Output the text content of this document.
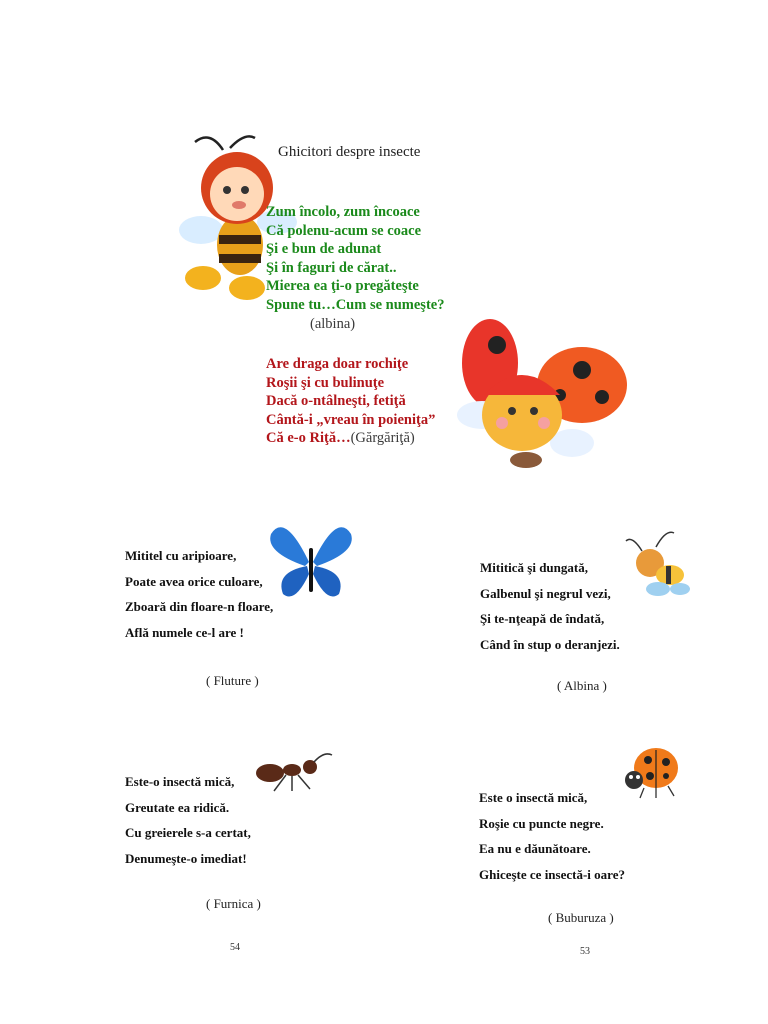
Ghicitori despre insecte
Zum încolo, zum încoace
Că polenu-acum se coace
Şi e bun de adunat
Şi în faguri de cărat..
Mierea ea ţi-o pregăteşte
Spune tu…Cum se numeşte?
(albina)
Are draga doar rochiţe
Roşii şi cu bulinuţe
Dacă o-ntâlneşti, fetiţă
Cântă-i „vreau în poieniţa”
Că e-o Riţă…(Gărgăriţă)
Mititel cu aripioare,
Poate avea orice culoare,
Zboară din floare-n floare,
Află numele ce-l are !
( Fluture )
Este-o insectă mică,
Greutate ea ridică.
Cu greierele s-a certat,
Denumeşte-o imediat!
( Furnica )
54
Mititică şi dungată,
Galbenul şi negrul vezi,
Şi te-nţeapă de îndată,
Când în stup o deranjezi.
( Albina )
Este o insectă mică,
Roşie cu puncte negre.
Ea nu e dăunătoare.
Ghiceşte ce insectă-i oare?
( Buburuza )
53
